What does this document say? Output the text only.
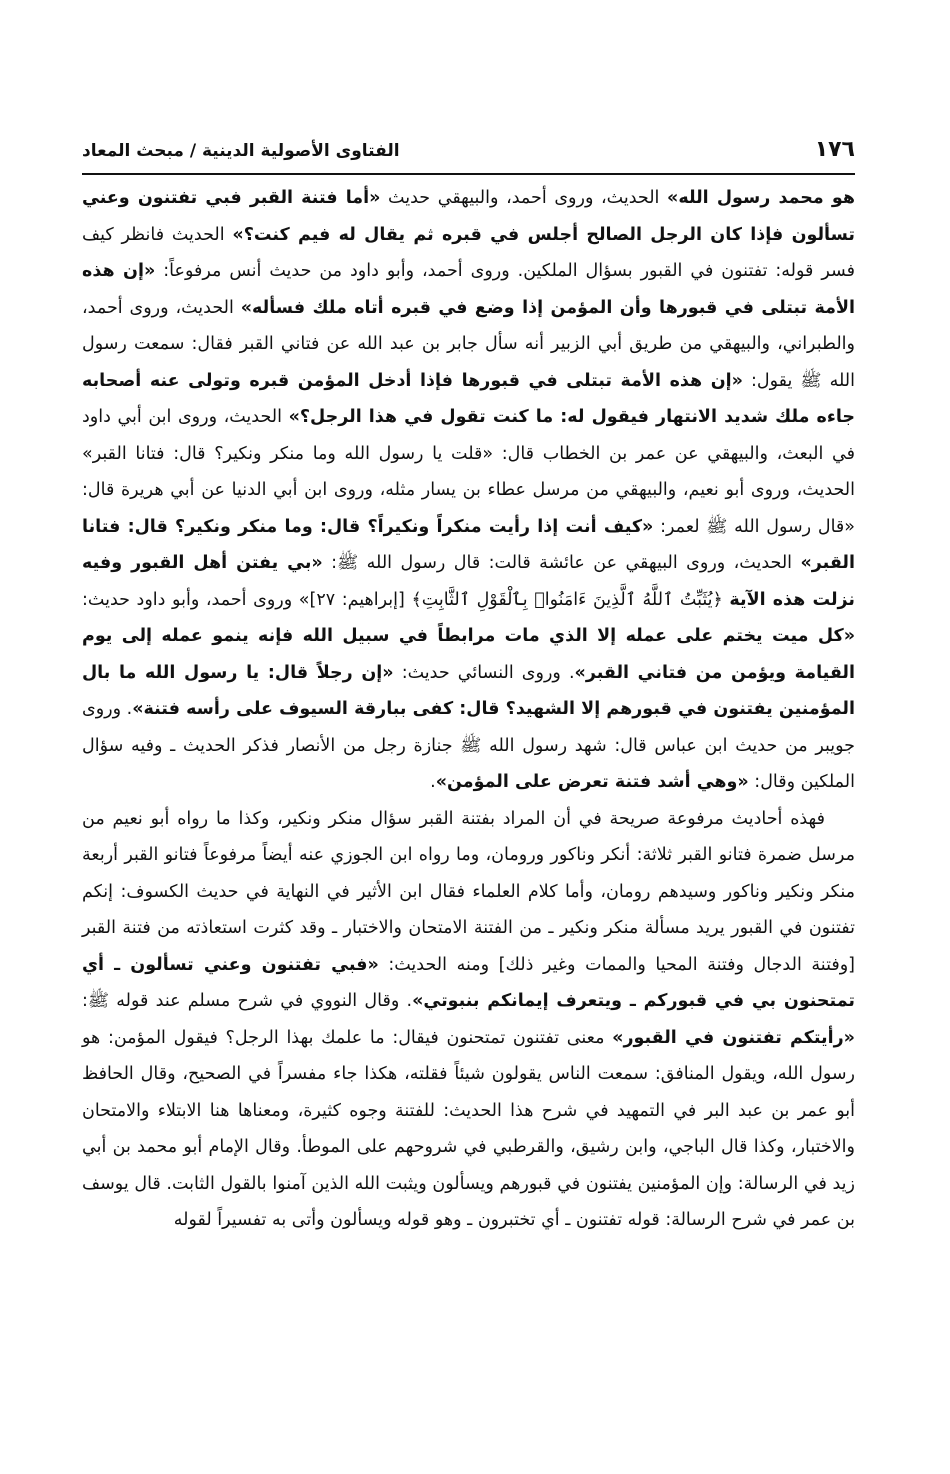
١٧٦
الفتاوى الأصولية الدينية / مبحث المعاد

هو محمد رسول الله» الحديث، وروى أحمد، والبيهقي حديث «أما فتنة القبر فبي تفتنون وعني تسألون فإذا كان الرجل الصالح أجلس في قبره ثم يقال له فيم كنت؟» الحديث فانظر كيف فسر قوله: تفتنون في القبور بسؤال الملكين. وروى أحمد، وأبو داود من حديث أنس مرفوعاً: «إن هذه الأمة تبتلى في قبورها وأن المؤمن إذا وضع في قبره أتاه ملك فسأله» الحديث، وروى أحمد، والطبراني، والبيهقي من طريق أبي الزبير أنه سأل جابر بن عبد الله عن فتاني القبر فقال: سمعت رسول الله ﷺ يقول: «إن هذه الأمة تبتلى في قبورها فإذا أدخل المؤمن قبره وتولى عنه أصحابه جاءه ملك شديد الانتهار فيقول له: ما كنت تقول في هذا الرجل؟» الحديث، وروى ابن أبي داود في البعث، والبيهقي عن عمر بن الخطاب قال: «قلت يا رسول الله وما منكر ونكير؟ قال: فتانا القبر» الحديث، وروى أبو نعيم، والبيهقي من مرسل عطاء بن يسار مثله، وروى ابن أبي الدنيا عن أبي هريرة قال: «قال رسول الله ﷺ لعمر: «كيف أنت إذا رأيت منكراً ونكيراً؟ قال: وما منكر ونكير؟ قال: فتانا القبر» الحديث، وروى البيهقي عن عائشة قالت: قال رسول الله ﷺ: «بي يفتن أهل القبور وفيه نزلت هذه الآية ﴿يُثَبِّتُ ٱللَّهُ ٱلَّذِينَ ءَامَنُوا۟ بِٱلْقَوْلِ ٱلثَّابِتِ﴾ [إبراهيم: ٢٧]» وروى أحمد، وأبو داود حديث: «كل ميت يختم على عمله إلا الذي مات مرابطاً في سبيل الله فإنه ينمو عمله إلى يوم القيامة ويؤمن من فتاني القبر». وروى النسائي حديث: «إن رجلاً قال: يا رسول الله ما بال المؤمنين يفتنون في قبورهم إلا الشهيد؟ قال: كفى ببارقة السيوف على رأسه فتنة». وروى جويبر من حديث ابن عباس قال: شهد رسول الله ﷺ جنازة رجل من الأنصار فذكر الحديث ـ وفيه سؤال الملكين وقال: «وهي أشد فتنة تعرض على المؤمن».

فهذه أحاديث مرفوعة صريحة في أن المراد بفتنة القبر سؤال منكر ونكير، وكذا ما رواه أبو نعيم من مرسل ضمرة فتانو القبر ثلاثة: أنكر وناكور ورومان، وما رواه ابن الجوزي عنه أيضاً مرفوعاً فتانو القبر أربعة منكر ونكير وناكور وسيدهم رومان، وأما كلام العلماء فقال ابن الأثير في النهاية في حديث الكسوف: إنكم تفتنون في القبور يريد مسألة منكر ونكير ـ من الفتنة الامتحان والاختبار ـ وقد كثرت استعاذته من فتنة القبر [وفتنة الدجال وفتنة المحيا والممات وغير ذلك] ومنه الحديث: «فبي تفتنون وعني تسألون ـ أي تمتحنون بي في قبوركم ـ ويتعرف إيمانكم بنبوتي». وقال النووي في شرح مسلم عند قوله ﷺ: «رأيتكم تفتنون في القبور» معنى تفتنون تمتحنون فيقال: ما علمك بهذا الرجل؟ فيقول المؤمن: هو رسول الله، ويقول المنافق: سمعت الناس يقولون شيئاً فقلته، هكذا جاء مفسراً في الصحيح، وقال الحافظ أبو عمر بن عبد البر في التمهيد في شرح هذا الحديث: للفتنة وجوه كثيرة، ومعناها هنا الابتلاء والامتحان والاختبار، وكذا قال الباجي، وابن رشيق، والقرطبي في شروحهم على الموطأ. وقال الإمام أبو محمد بن أبي زيد في الرسالة: وإن المؤمنين يفتنون في قبورهم ويسألون ويثبت الله الذين آمنوا بالقول الثابت. قال يوسف بن عمر في شرح الرسالة: قوله تفتنون ـ أي تختبرون ـ وهو قوله ويسألون وأتى به تفسيراً لقوله
